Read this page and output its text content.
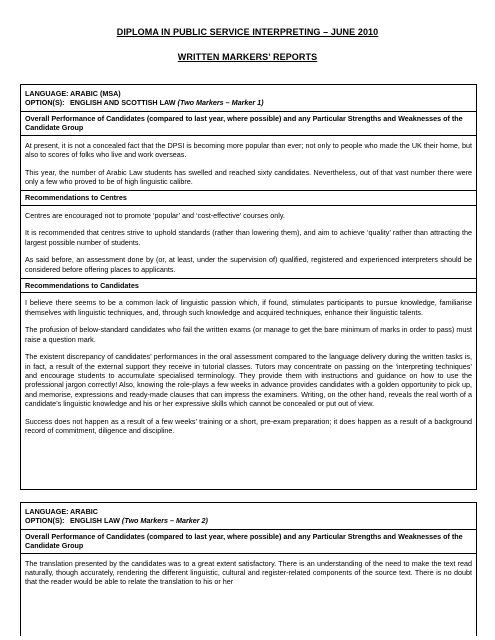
DIPLOMA IN PUBLIC SERVICE INTERPRETING – JUNE 2010
WRITTEN MARKERS’ REPORTS
LANGUAGE: ARABIC (MSA)
OPTION(S): ENGLISH AND SCOTTISH LAW (Two Markers – Marker 1)
Overall Performance of Candidates (compared to last year, where possible) and any Particular Strengths and Weaknesses of the Candidate Group

At present, it is not a concealed fact that the DPSI is becoming more popular than ever; not only to people who made the UK their home, but also to scores of folks who live and work overseas.

This year, the number of Arabic Law students has swelled and reached sixty candidates. Nevertheless, out of that vast number there were only a few who proved to be of high linguistic calibre.

Recommendations to Centres

Centres are encouraged not to promote ‘popular’ and ‘cost-effective’ courses only.

It is recommended that centres strive to uphold standards (rather than lowering them), and aim to achieve ‘quality’ rather than attracting the largest possible number of students.

As said before, an assessment done by (or, at least, under the supervision of) qualified, registered and experienced interpreters should be considered before offering places to applicants.

Recommendations to Candidates

I believe there seems to be a common lack of linguistic passion which, if found, stimulates participants to pursue knowledge, familiarise themselves with linguistic techniques, and, through such knowledge and acquired techniques, enhance their linguistic talents.

The profusion of below-standard candidates who fail the written exams (or manage to get the bare minimum of marks in order to pass) must raise a question mark.

The existent discrepancy of candidates’ performances in the oral assessment compared to the language delivery during the written tasks is, in fact, a result of the external support they receive in tutorial classes. Tutors may concentrate on passing on the ‘interpreting techniques’ and encourage students to accumulate specialised terminology. They provide them with instructions and guidance on how to use the professional jargon correctly! Also, knowing the role-plays a few weeks in advance provides candidates with a golden opportunity to pick up, and memorise, expressions and ready-made clauses that can impress the examiners. Writing, on the other hand, reveals the real worth of a candidate’s linguistic knowledge and his or her expressive skills which cannot be concealed or put out of view.

Success does not happen as a result of a few weeks’ training or a short, pre-exam preparation; it does happen as a result of a background record of commitment, diligence and discipline.

LANGUAGE: ARABIC
OPTION(S): ENGLISH LAW (Two Markers – Marker 2)
Overall Performance of Candidates (compared to last year, where possible) and any Particular Strengths and Weaknesses of the Candidate Group

The translation presented by the candidates was to a great extent satisfactory. There is an understanding of the need to make the text read naturally, though accurately, rendering the different linguistic, cultural and register-related components of the source text. There is no doubt that the reader would be able to relate the translation to his or her
